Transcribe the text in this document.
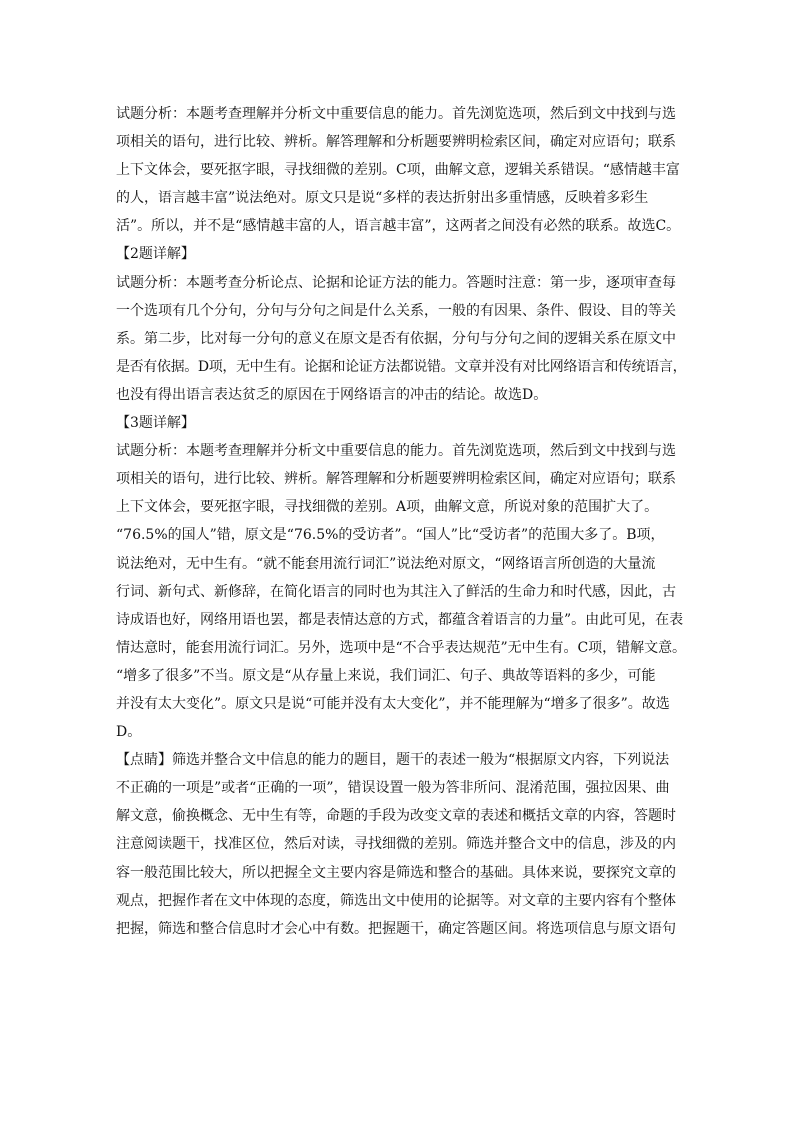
试题分析：本题考查理解并分析文中重要信息的能力。首先浏览选项，然后到文中找到与选
项相关的语句，进行比较、辨析。解答理解和分析题要辨明检索区间，确定对应语句；联系
上下文体会，要死抠字眼，寻找细微的差别。C项，曲解文意，逻辑关系错误。“感情越丰富
的人，语言越丰富”说法绝对。原文只是说“多样的表达折射出多重情感，反映着多彩生
活”。所以，并不是“感情越丰富的人，语言越丰富”，这两者之间没有必然的联系。故选C。
【2题详解】
试题分析：本题考查分析论点、论据和论证方法的能力。答题时注意：第一步，逐项审查每
一个选项有几个分句，分句与分句之间是什么关系，一般的有因果、条件、假设、目的等关
系。第二步，比对每一分句的意义在原文是否有依据，分句与分句之间的逻辑关系在原文中
是否有依据。D项，无中生有。论据和论证方法都说错。文章并没有对比网络语言和传统语言，
也没有得出语言表达贫乏的原因在于网络语言的冲击的结论。故选D。
【3题详解】
试题分析：本题考查理解并分析文中重要信息的能力。首先浏览选项，然后到文中找到与选
项相关的语句，进行比较、辨析。解答理解和分析题要辨明检索区间，确定对应语句；联系
上下文体会，要死抠字眼，寻找细微的差别。A项，曲解文意，所说对象的范围扩大了。
“76.5%的国人”错，原文是“76.5%的受访者”。“国人”比“受访者”的范围大多了。B项，
说法绝对，无中生有。“就不能套用流行词汇”说法绝对原文，“网络语言所创造的大量流
行词、新句式、新修辞，在简化语言的同时也为其注入了鲜活的生命力和时代感，因此，古
诗成语也好，网络用语也罢，都是表情达意的方式，都蕴含着语言的力量”。由此可见，在表
情达意时，能套用流行词汇。另外，选项中是“不合乎表达规范”无中生有。C项，错解文意。
“增多了很多”不当。原文是“从存量上来说，我们词汇、句子、典故等语料的多少，可能
并没有太大变化”。原文只是说“可能并没有太大变化”，并不能理解为“增多了很多”。故选
D。
【点睛】筛选并整合文中信息的能力的题目，题干的表述一般为“根据原文内容，下列说法
不正确的一项是”或者“正确的一项”，错误设置一般为答非所问、混淆范围，强拉因果、曲
解文意，偷换概念、无中生有等，命题的手段为改变文章的表述和概括文章的内容，答题时
注意阅读题干，找准区位，然后对读，寻找细微的差别。筛选并整合文中的信息，涉及的内
容一般范围比较大，所以把握全文主要内容是筛选和整合的基础。具体来说，要探究文章的
观点，把握作者在文中体现的态度，筛选出文中使用的论据等。对文章的主要内容有个整体
把握，筛选和整合信息时才会心中有数。把握题干，确定答题区间。将选项信息与原文语句
